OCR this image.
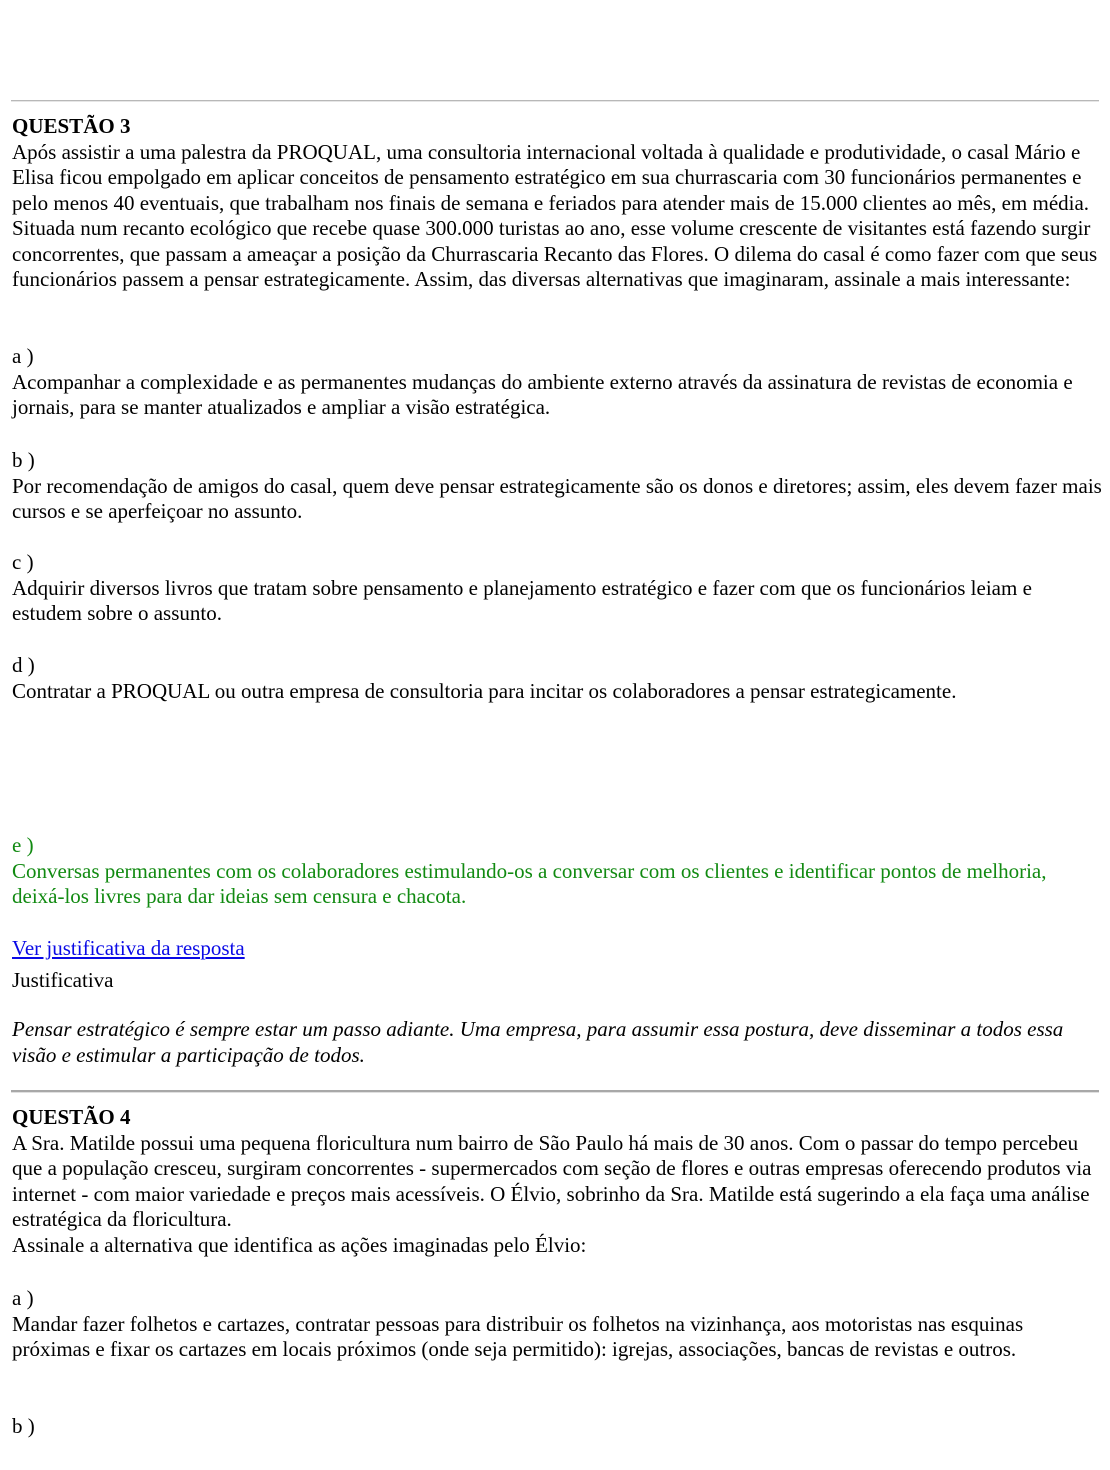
QUESTÃO 3
Após assistir a uma palestra da PROQUAL, uma consultoria internacional voltada à qualidade e produtividade, o casal Mário e Elisa ficou empolgado em aplicar conceitos de pensamento estratégico em sua churrascaria com 30 funcionários permanentes e pelo menos 40 eventuais, que trabalham nos finais de semana e feriados para atender mais de 15.000 clientes ao mês, em média. Situada num recanto ecológico que recebe quase 300.000 turistas ao ano, esse volume crescente de visitantes está fazendo surgir concorrentes, que passam a ameaçar a posição da Churrascaria Recanto das Flores. O dilema do casal é como fazer com que seus funcionários passem a pensar estrategicamente. Assim, das diversas alternativas que imaginaram, assinale a mais interessante:
a )
Acompanhar a complexidade e as permanentes mudanças do ambiente externo através da assinatura de revistas de economia e jornais, para se manter atualizados e ampliar a visão estratégica.
b )
Por recomendação de amigos do casal, quem deve pensar estrategicamente são os donos e diretores; assim, eles devem fazer mais cursos e se aperfeiçoar no assunto.
c )
Adquirir diversos livros que tratam sobre pensamento e planejamento estratégico e fazer com que os funcionários leiam e estudem sobre o assunto.
d )
Contratar a PROQUAL ou outra empresa de consultoria para incitar os colaboradores a pensar estrategicamente.
e )
Conversas permanentes com os colaboradores estimulando-os a conversar com os clientes e identificar pontos de melhoria, deixá-los livres para dar ideias sem censura e chacota.
Ver justificativa da resposta
Justificativa
Pensar estratégico é sempre estar um passo adiante. Uma empresa, para assumir essa postura, deve disseminar a todos essa visão e estimular a participação de todos.
QUESTÃO 4
A Sra. Matilde possui uma pequena floricultura num bairro de São Paulo há mais de 30 anos. Com o passar do tempo percebeu que a população cresceu, surgiram concorrentes - supermercados com seção de flores e outras empresas oferecendo produtos via internet - com maior variedade e preços mais acessíveis. O Élvio, sobrinho da Sra. Matilde está sugerindo a ela faça uma análise estratégica da floricultura.
Assinale a alternativa que identifica as ações imaginadas pelo Élvio:
a )
Mandar fazer folhetos e cartazes, contratar pessoas para distribuir os folhetos na vizinhança, aos motoristas nas esquinas próximas e fixar os cartazes em locais próximos (onde seja permitido): igrejas, associações, bancas de revistas e outros.
b )
